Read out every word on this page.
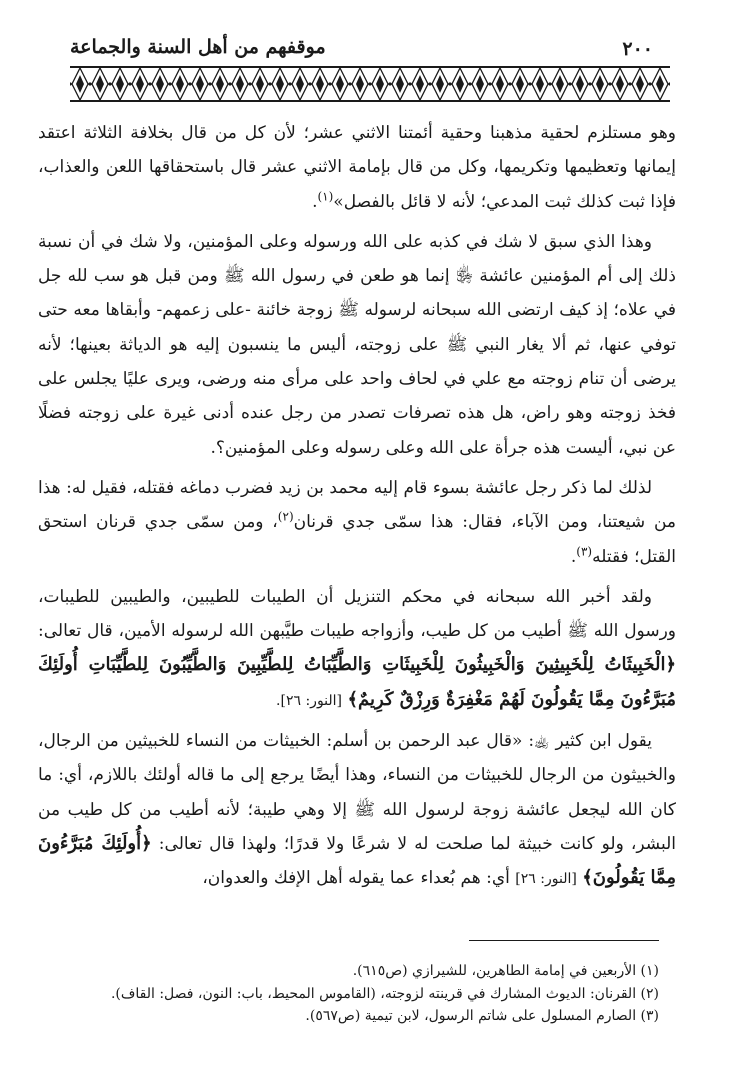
٢٠٠
موقفهم من أهل السنة والجماعة

وهو مستلزم لحقية مذهبنا وحقية أئمتنا الاثني عشر؛ لأن كل من قال بخلافة الثلاثة اعتقد إيمانها وتعظيمها وتكريمها، وكل من قال بإمامة الاثني عشر قال باستحقاقها اللعن والعذاب، فإذا ثبت كذلك ثبت المدعي؛ لأنه لا قائل بالفصل»$^{(١)}$.

وهذا الذي سبق لا شك في كذبه على الله ورسوله وعلى المؤمنين، ولا شك في أن نسبة ذلك إلى أم المؤمنين عائشة ﵂ إنما هو طعن في رسول الله ﷺ ومن قبل هو سب لله جل في علاه؛ إذ كيف ارتضى الله سبحانه لرسوله ﷺ زوجة خائنة -على زعمهم- وأبقاها معه حتى توفي عنها، ثم ألا يغار النبي ﷺ على زوجته، أليس ما ينسبون إليه هو الدياثة بعينها؛ لأنه يرضى أن تنام زوجته مع علي في لحاف واحد على مرأى منه ورضى، ويرى عليًا يجلس على فخذ زوجته وهو راض، هل هذه تصرفات تصدر من رجل عنده أدنى غيرة على زوجته فضلًا عن نبي، أليست هذه جرأة على الله وعلى رسوله وعلى المؤمنين؟.

لذلك لما ذكر رجل عائشة بسوء قام إليه محمد بن زيد فضرب دماغه فقتله، فقيل له: هذا من شيعتنا، ومن الآباء، فقال: هذا سمّى جدي قرنان$^{(٢)}$، ومن سمّى جدي قرنان استحق القتل؛ فقتله$^{(٣)}$.

ولقد أخبر الله سبحانه في محكم التنزيل أن الطيبات للطيبين، والطيبين للطيبات، ورسول الله ﷺ أطيب من كل طيب، وأزواجه طيبات طيَّبهن الله لرسوله الأمين، قال تعالى: ﴿الْخَبِيثَاتُ لِلْخَبِيثِينَ وَالْخَبِيثُونَ لِلْخَبِيثَاتِ وَالطَّيِّبَاتُ لِلطَّيِّبِينَ وَالطَّيِّبُونَ لِلطَّيِّبَاتِ أُولَئِكَ مُبَرَّءُونَ مِمَّا يَقُولُونَ لَهُمْ مَغْفِرَةٌ وَرِزْقٌ كَرِيمٌ﴾ [النور: ٢٦].

يقول ابن كثير ﵀: «قال عبد الرحمن بن أسلم: الخبيثات من النساء للخبيثين من الرجال، والخبيثون من الرجال للخبيثات من النساء، وهذا أيضًا يرجع إلى ما قاله أولئك باللازم، أي: ما كان الله ليجعل عائشة زوجة لرسول الله ﷺ إلا وهي طيبة؛ لأنه أطيب من كل طيب من البشر، ولو كانت خبيثة لما صلحت له لا شرعًا ولا قدرًا؛ ولهذا قال تعالى: ﴿أُولَئِكَ مُبَرَّءُونَ مِمَّا يَقُولُونَ﴾ [النور: ٢٦] أي: هم بُعداء عما يقوله أهل الإفك والعدوان،

(١) الأربعين في إمامة الطاهرين، للشيرازي (ص٦١٥).
(٢) القرنان: الديوث المشارك في قرينته لزوجته، (القاموس المحيط، باب: النون، فصل: القاف).
(٣) الصارم المسلول على شاتم الرسول، لابن تيمية (ص٥٦٧).
